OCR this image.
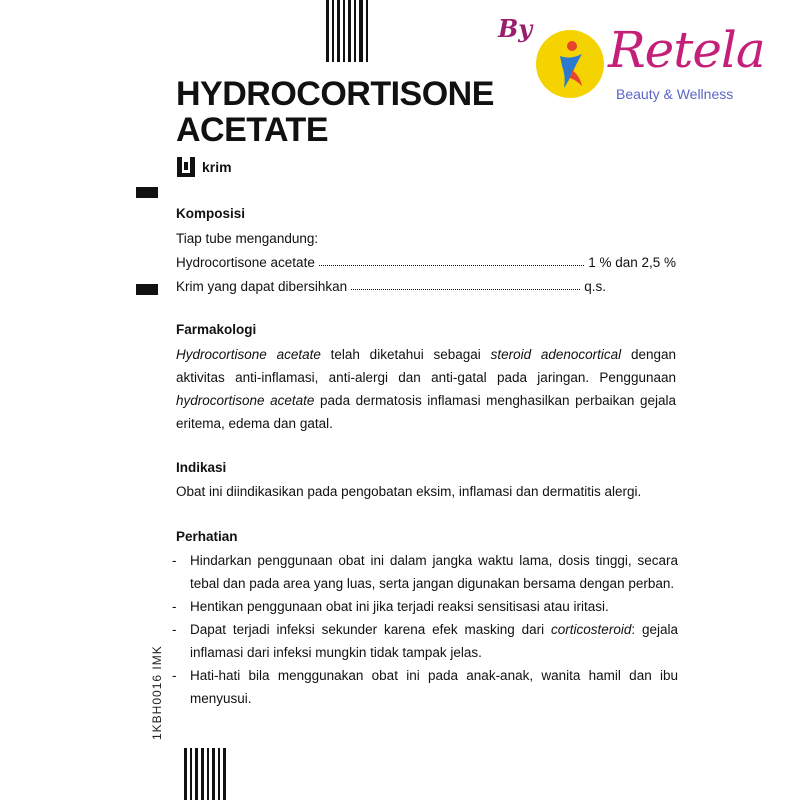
By Retela
Beauty & Wellness
1KBH0016 IMK
HYDROCORTISONE
ACETATE
krim
Komposisi
Tiap tube mengandung:
Hydrocortisone acetate	1 % dan 2,5 %
Krim yang dapat dibersihkan	q.s.
Farmakologi

Hydrocortisone acetate telah diketahui sebagai steroid adenocortical dengan aktivitas anti-inflamasi, anti-alergi dan anti-gatal pada jaringan. Penggunaan hydrocortisone acetate pada dermatosis inflamasi menghasilkan perbaikan gejala eritema, edema dan gatal.

Indikasi
Obat ini diindikasikan pada pengobatan eksim, inflamasi dan dermatitis alergi.
Perhatian
- Hindarkan penggunaan obat ini dalam jangka waktu lama, dosis tinggi, secara tebal dan pada area yang luas, serta jangan digunakan bersama dengan perban.
- Hentikan penggunaan obat ini jika terjadi reaksi sensitisasi atau iritasi.
- Dapat terjadi infeksi sekunder karena efek masking dari corticosteroid: gejala inflamasi dari infeksi mungkin tidak tampak jelas.
- Hati-hati bila menggunakan obat ini pada anak-anak, wanita hamil dan ibu menyusui.
